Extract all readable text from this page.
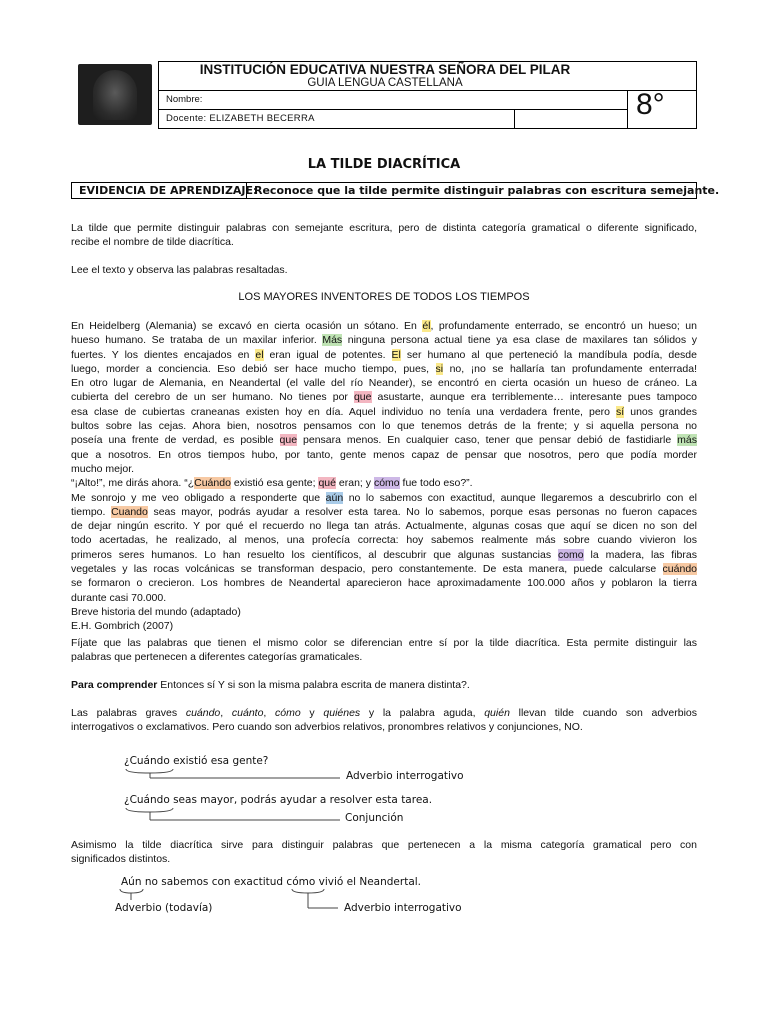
INSTITUCIÓN EDUCATIVA NUESTRA SEÑORA DEL PILAR
GUIA LENGUA CASTELLANA
Nombre:
Docente: ELIZABETH BECERRA	8°
LA TILDE DIACRÍTICA
EVIDENCIA DE APRENDIZAJE:
Reconoce que la tilde permite distinguir palabras con escritura semejante.
La tilde que permite distinguir palabras con semejante escritura, pero de distinta categoría gramatical o diferente significado,
recibe el nombre de tilde diacrítica.
Lee el texto y observa las palabras resaltadas.
LOS MAYORES INVENTORES DE TODOS LOS TIEMPOS
En Heidelberg (Alemania) se excavó en cierta ocasión un sótano. En él, profundamente enterrado, se encontró un hueso; un
hueso humano. Se trataba de un maxilar inferior. Más ninguna persona actual tiene ya esa clase de maxilares tan sólidos y
fuertes. Y los dientes encajados en el eran igual de potentes. El ser humano al que perteneció la mandíbula podía, desde
luego, morder a conciencia. Eso debió ser hace mucho tiempo, pues, si no, ¡no se hallaría tan profundamente enterrada!
En otro lugar de Alemania, en Neandertal (el valle del río Neander), se encontró en cierta ocasión un hueso de cráneo. La
cubierta del cerebro de un ser humano. No tienes por que asustarte, aunque era terriblemente… interesante pues tampoco
esa clase de cubiertas craneanas existen hoy en día. Aquel individuo no tenía una verdadera frente, pero sí unos grandes
bultos sobre las cejas. Ahora bien, nosotros pensamos con lo que tenemos detrás de la frente; y si aquella persona no
poseía una frente de verdad, es posible que pensara menos. En cualquier caso, tener que pensar debió de fastidiarle más
que a nosotros. En otros tiempos hubo, por tanto, gente menos capaz de pensar que nosotros, pero que podía morder
mucho mejor.
“¡Alto!”, me dirás ahora. “¿Cuándo existió esa gente; qué eran; y cómo fue todo eso?”.

Me sonrojo y me veo obligado a responderte que aún no lo sabemos con exactitud, aunque llegaremos a descubrirlo con el
tiempo. Cuando seas mayor, podrás ayudar a resolver esta tarea. No lo sabemos, porque esas personas no fueron capaces
de dejar ningún escrito. Y por qué el recuerdo no llega tan atrás. Actualmente, algunas cosas que aquí se dicen no son del
todo acertadas, he realizado, al menos, una profecía correcta: hoy sabemos realmente más sobre cuando vivieron los
primeros seres humanos. Lo han resuelto los científicos, al descubrir que algunas sustancias como la madera, las fibras
vegetales y las rocas volcánicas se transforman despacio, pero constantemente. De esta manera, puede calcularse cuándo
se formaron o crecieron. Los hombres de Neandertal aparecieron hace aproximadamente 100.000 años y poblaron la tierra
durante casi 70.000.
Breve historia del mundo (adaptado)
E.H. Gombrich (2007)
Fíjate que las palabras que tienen el mismo color se diferencian entre sí por la tilde diacrítica. Esta permite distinguir las
palabras que pertenecen a diferentes categorías gramaticales.
Para comprender Entonces sí Y si son la misma palabra escrita de manera distinta?.
Las palabras graves cuándo, cuánto, cómo y quiénes y la palabra aguda, quién llevan tilde cuando son adverbios
interrogativos o exclamativos. Pero cuando son adverbios relativos, pronombres relativos y conjunciones, NO.
¿Cuándo existió esa gente?
Adverbio interrogativo
¿Cuándo seas mayor, podrás ayudar a resolver esta tarea.
Conjunción
Asimismo la tilde diacrítica sirve para distinguir palabras que pertenecen a la misma categoría gramatical pero con
significados distintos.
Aún no sabemos con exactitud cómo vivió el Neandertal.
Adverbio (todavía)	Adverbio interrogativo
